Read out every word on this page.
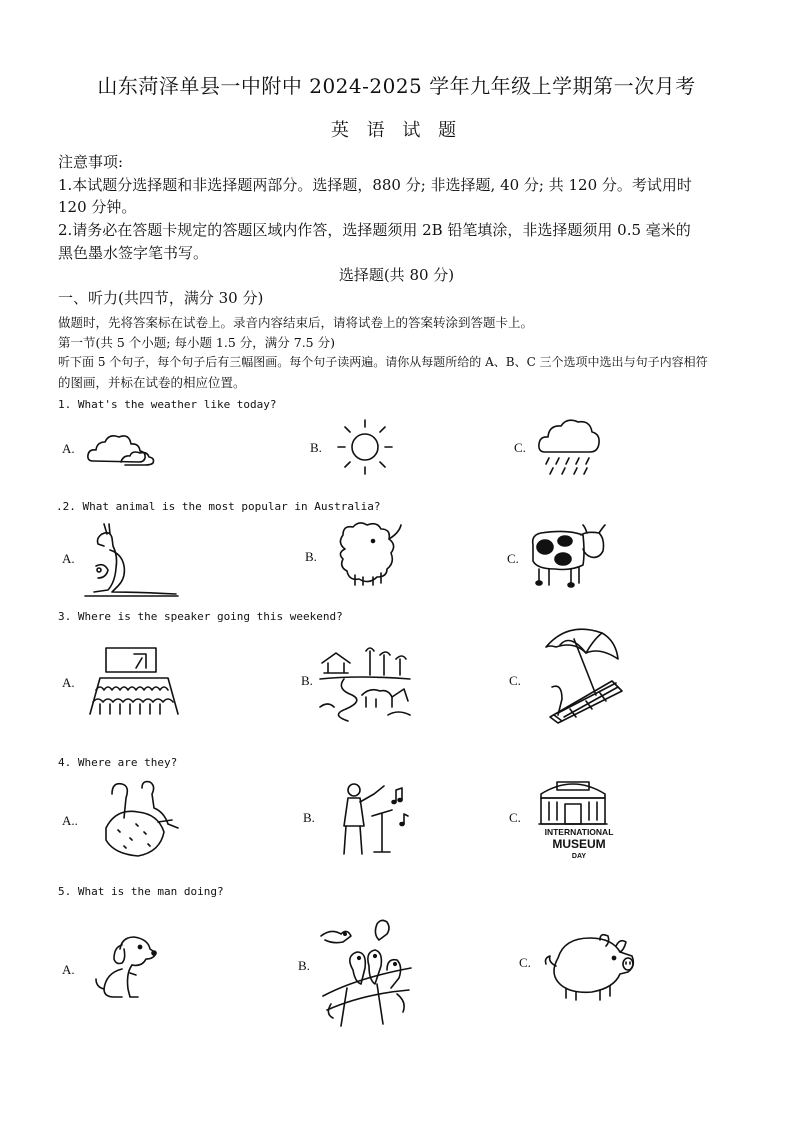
山东菏泽单县一中附中 2024-2025 学年九年级上学期第一次月考
英 语 试 题
注意事项:
1.本试题分选择题和非选择题两部分。选择题，880 分; 非选择题, 40 分; 共 120 分。考试用时
120 分钟。
2.请务必在答题卡规定的答题区域内作答，选择题须用 2B 铅笔填涂，非选择题须用 0.5 毫米的
黑色墨水签字笔书写。
选择题(共 80 分)
一、听力(共四节，满分 30 分)
做题时，先将答案标在试卷上。录音内容结束后，请将试卷上的答案转涂到答题卡上。
第一节(共 5 个小题; 每小题 1.5 分，满分 7.5 分)
听下面 5 个句子，每个句子后有三幅图画。每个句子读两遍。请你从每题所给的 A、B、C 三个选项中选出与句子内容相符
的图画，并标在试卷的相应位置。
1. What's the weather like today?
A.	B.	C.
.2. What animal is the most popular in Australia?
A.	B.	C.
3. Where is the speaker going this weekend?
A.	B.	C.
4. Where are they?
A..	B.	C.
INTERNATIONAL
MUSEUM
DAY
5. What is the man doing?
A.	B.	C.
